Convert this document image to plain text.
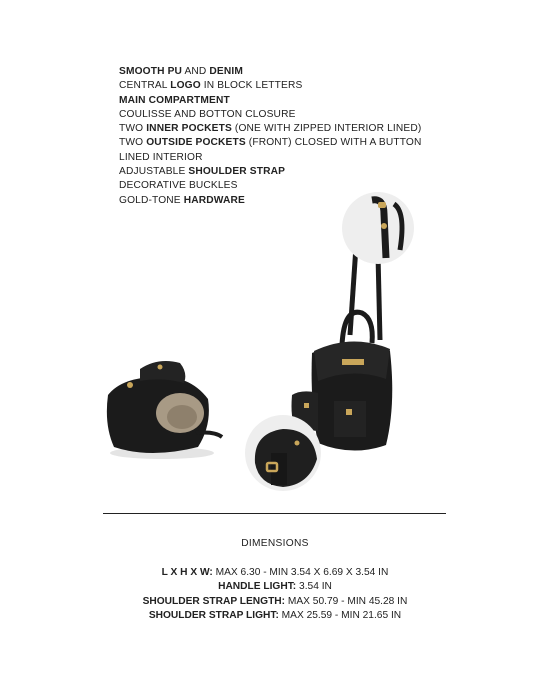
SMOOTH PU AND DENIM
CENTRAL LOGO IN BLOCK LETTERS
MAIN COMPARTMENT
COULISSE AND BOTTON CLOSURE
TWO INNER POCKETS (ONE WITH ZIPPED INTERIOR LINED)
TWO OUTSIDE POCKETS (FRONT) CLOSED WITH A BUTTON
LINED INTERIOR
ADJUSTABLE SHOULDER STRAP
DECORATIVE BUCKLES
GOLD-TONE HARDWARE
DIMENSIONS
L X H X W: MAX 6.30 - MIN 3.54 X 6.69 X 3.54 IN
HANDLE LIGHT: 3.54 IN
SHOULDER STRAP LENGTH: MAX 50.79 - MIN 45.28 IN
SHOULDER STRAP LIGHT: MAX 25.59 - MIN 21.65 IN
